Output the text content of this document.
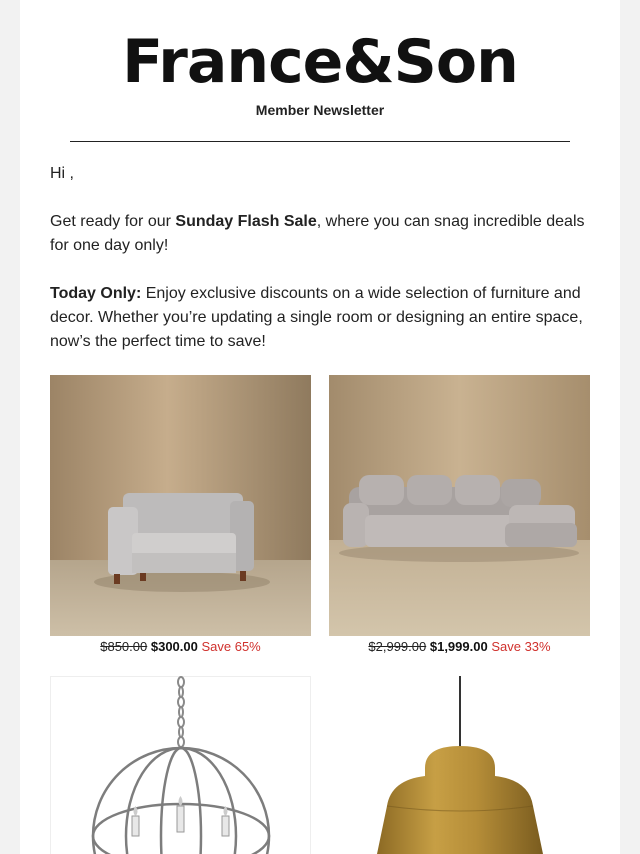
France&Son
Member Newsletter
Hi ,
Get ready for our Sunday Flash Sale, where you can snag incredible deals for one day only!
Today Only: Enjoy exclusive discounts on a wide selection of furniture and decor. Whether you’re updating a single room or designing an entire space, now’s the perfect time to save!
$850.00 $300.00 Save 65%	$2,999.00 $1,999.00 Save 33%
